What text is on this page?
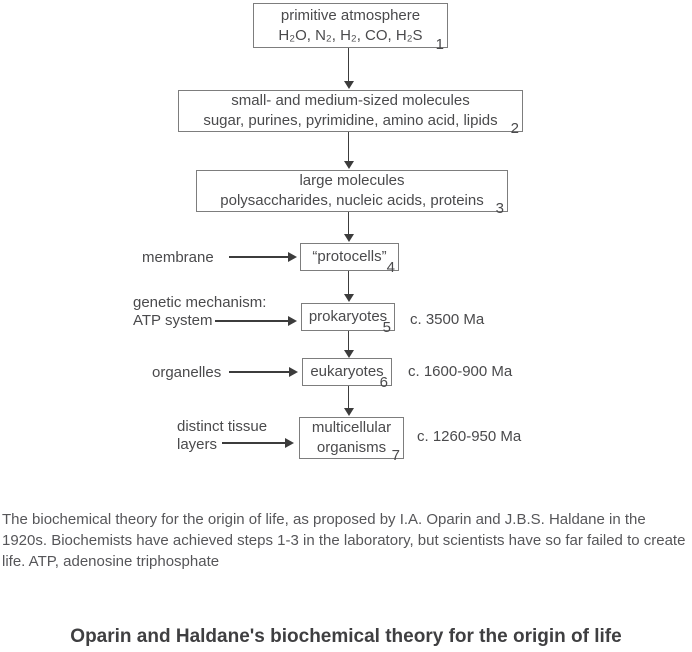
primitive atmosphere
H₂O, N₂, H₂, CO, H₂S
1
small- and medium-sized molecules
sugar, purines, pyrimidine, amino acid, lipids 2
large molecules
polysaccharides, nucleic acids, proteins 3
“protocells”
4
membrane
prokaryotes
5
genetic mechanism:
ATP system	c. 3500 Ma
eukaryotes
6
organelles	c. 1600-900 Ma
multicellular
organisms 7
distinct tissue
layers	c. 1260-950 Ma
The biochemical theory for the origin of life, as proposed by I.A. Oparin and J.B.S. Haldane in the 1920s. Biochemists have achieved steps 1-3 in the laboratory, but scientists have so far failed to create life. ATP, adenosine triphosphate
Oparin and Haldane's biochemical theory for the origin of life
